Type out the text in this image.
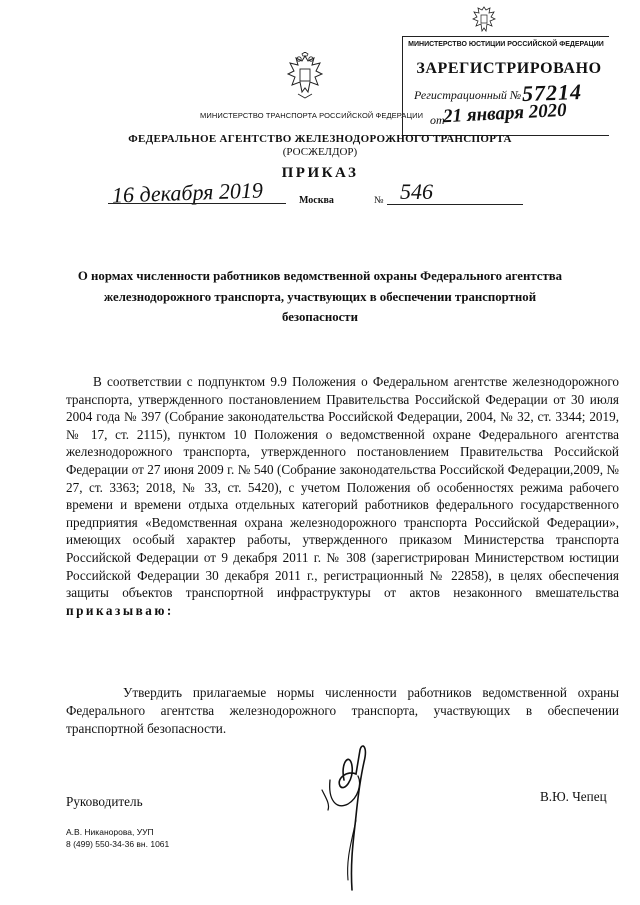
МИНИСТЕРСТВО ТРАНСПОРТА РОССИЙСКОЙ ФЕДЕРАЦИИ
МИНИСТЕРСТВО ЮСТИЦИИ РОССИЙСКОЙ ФЕДЕРАЦИИ
ЗАРЕГИСТРИРОВАНО
Регистрационный № 57214
от
21 января 2020
ФЕДЕРАЛЬНОЕ АГЕНТСТВО ЖЕЛЕЗНОДОРОЖНОГО ТРАНСПОРТА
(РОСЖЕЛДОР)
ПРИКАЗ
16 декабря 2019	Москва	№ 546
О нормах численности работников ведомственной охраны Федерального агентства железнодорожного транспорта, участвующих в обеспечении транспортной безопасности
В соответствии с подпунктом 9.9 Положения о Федеральном агентстве железнодорожного транспорта, утвержденного постановлением Правительства Российской Федерации от 30 июля 2004 года № 397 (Собрание законодательства Российской Федерации, 2004, № 32, ст. 3344; 2019, № 17, ст. 2115), пунктом 10 Положения о ведомственной охране Федерального агентства железнодорожного транспорта, утвержденного постановлением Правительства Российской Федерации от 27 июня 2009 г. № 540 (Собрание законодательства Российской Федерации,2009, № 27, ст. 3363; 2018, № 33, ст. 5420), с учетом Положения об особенностях режима рабочего времени и времени отдыха отдельных категорий работников федерального государственного предприятия «Ведомственная охрана железнодорожного транспорта Российской Федерации», имеющих особый характер работы, утвержденного приказом Министерства транспорта Российской Федерации от 9 декабря 2011 г. № 308 (зарегистрирован Министерством юстиции Российской Федерации 30 декабря 2011 г., регистрационный № 22858), в целях обеспечения защиты объектов транспортной инфраструктуры от актов незаконного вмешательства приказываю:
Утвердить прилагаемые нормы численности работников ведомственной охраны Федерального агентства железнодорожного транспорта, участвующих в обеспечении транспортной безопасности.
Руководитель	В.Ю. Чепец
А.В. Никанорова, УУП
8 (499) 550-34-36 вн. 1061
